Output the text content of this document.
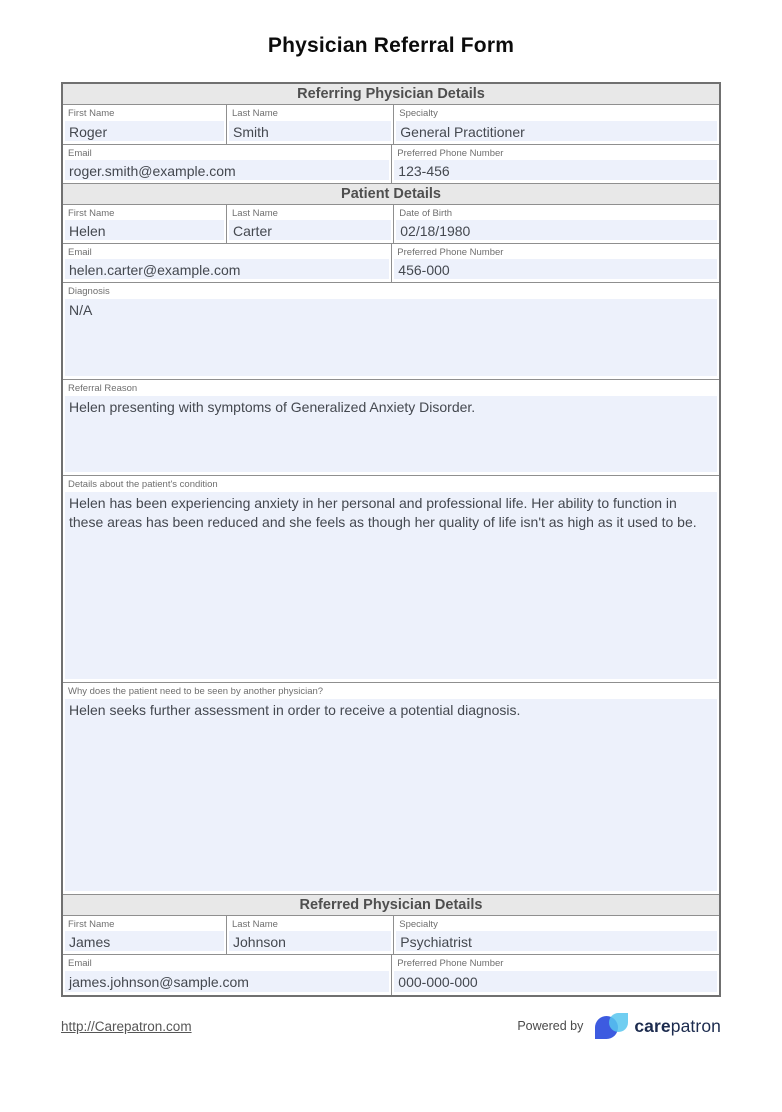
Physician Referral Form
Referring Physician Details
First Name
Roger
Last Name
Smith
Specialty
General Practitioner
Email
roger.smith@example.com
Preferred Phone Number
123-456
Patient Details
First Name
Helen
Last Name
Carter
Date of Birth
02/18/1980
Email
helen.carter@example.com
Preferred Phone Number
456-000
Diagnosis
N/A
Referral Reason
Helen presenting with symptoms of Generalized Anxiety Disorder.
Details about the patient's condition
Helen has been experiencing anxiety in her personal and professional life. Her ability to function in these areas has been reduced and she feels as though her quality of life isn't as high as it used to be.
Why does the patient need to be seen by another physician?
Helen seeks further assessment in order to receive a potential diagnosis.
Referred Physician Details
First Name
James
Last Name
Johnson
Specialty
Psychiatrist
Email
james.johnson@sample.com
Preferred Phone Number
000-000-000
http://Carepatron.com	Powered by	carepatron
